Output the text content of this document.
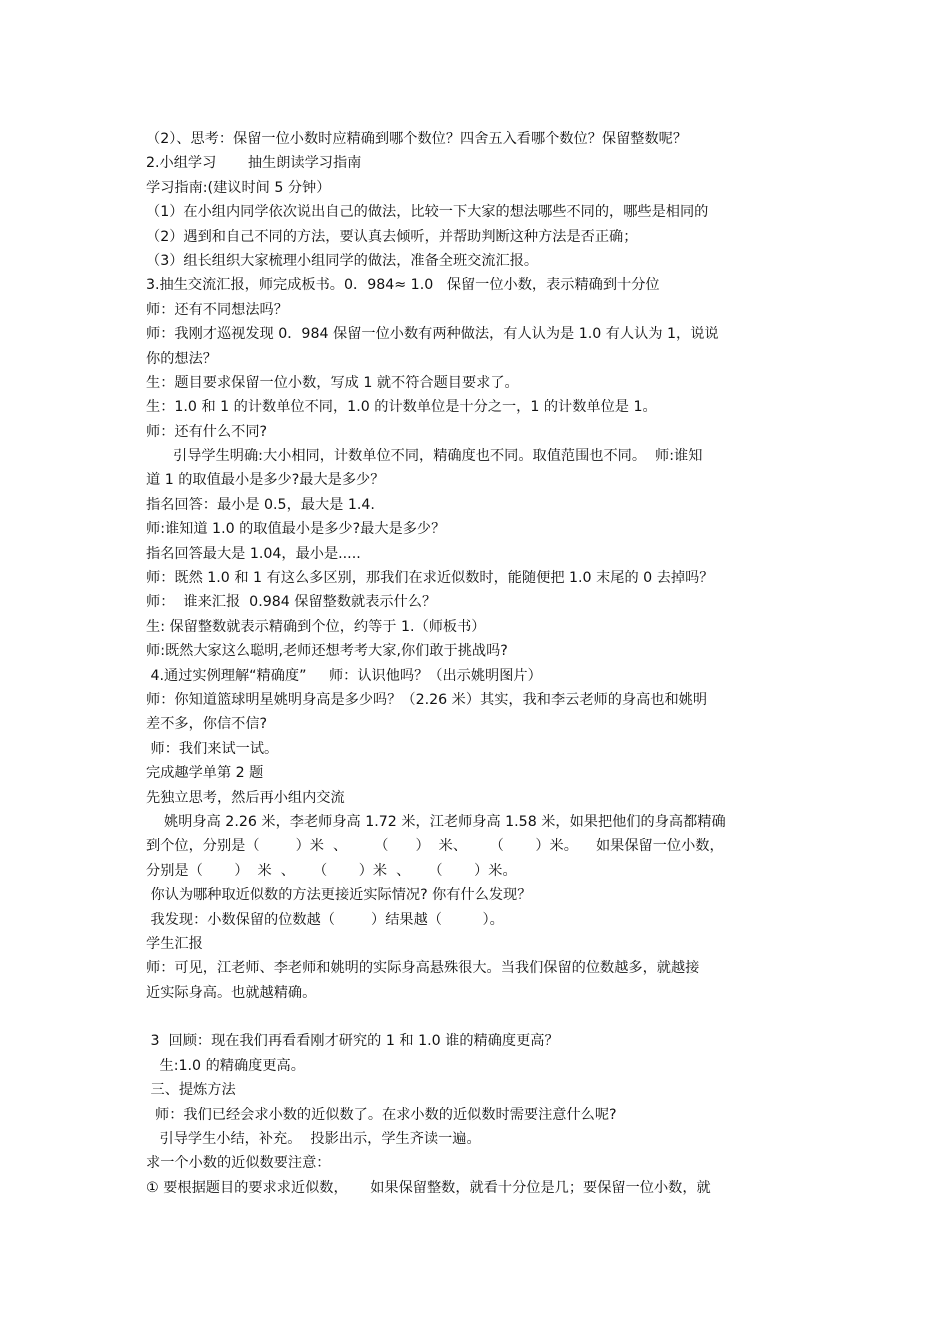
（2）、思考：保留一位小数时应精确到哪个数位？四舍五入看哪个数位？保留整数呢？
2.小组学习       抽生朗读学习指南
学习指南:(建议时间 5 分钟）
（1）在小组内同学依次说出自己的做法，比较一下大家的想法哪些不同的，哪些是相同的
（2）遇到和自己不同的方法，要认真去倾听，并帮助判断这种方法是否正确；
（3）组长组织大家梳理小组同学的做法，准备全班交流汇报。
3.抽生交流汇报，师完成板书。0．984≈ 1.0   保留一位小数，表示精确到十分位
师：还有不同想法吗？
师：我刚才巡视发现 0．984 保留一位小数有两种做法，有人认为是 1.0 有人认为 1，说说
你的想法？
生：题目要求保留一位小数，写成 1 就不符合题目要求了。
生：1.0 和 1 的计数单位不同，1.0 的计数单位是十分之一，1 的计数单位是 1。
师：还有什么不同?
引导学生明确:大小相同，计数单位不同，精确度也不同。取值范围也不同。  师:谁知
道 1 的取值最小是多少?最大是多少？
指名回答：最小是 0.5，最大是 1.4.
师:谁知道 1.0 的取值最小是多少?最大是多少？
指名回答最大是 1.04，最小是.....
师：既然 1.0 和 1 有这么多区别，那我们在求近似数时，能随便把 1.0 末尾的 0 去掉吗？
师：  谁来汇报  0.984 保留整数就表示什么？
生: 保留整数就表示精确到个位，约等于 1.（师板书）
师:既然大家这么聪明,老师还想考考大家,你们敢于挑战吗?
4.通过实例理解“精确度”     师：认识他吗？（出示姚明图片）
师：你知道篮球明星姚明身高是多少吗？（2.26 米）其实，我和李云老师的身高也和姚明
差不多，你信不信?
师：我们来试一试。
完成趣学单第 2 题
先独立思考，然后再小组内交流
姚明身高 2.26 米，李老师身高 1.72 米，江老师身高 1.58 米，如果把他们的身高都精确
到个位，分别是（        ）米  、      （      ）  米、     （       ）米。    如果保留一位小数，
分别是（       ）  米  、    （       ）米  、    （       ）米。
你认为哪种取近似数的方法更接近实际情况? 你有什么发现？
我发现：小数保留的位数越（        ）结果越（         ）。
学生汇报
师：可见，江老师、李老师和姚明的实际身高悬殊很大。当我们保留的位数越多，就越接
近实际身高。也就越精确。
3  回顾：现在我们再看看刚才研究的 1 和 1.0 谁的精确度更高？
生:1.0 的精确度更高。
三、提炼方法
师：我们已经会求小数的近似数了。在求小数的近似数时需要注意什么呢?
引导学生小结，补充。  投影出示，学生齐读一遍。
求一个小数的近似数要注意：
① 要根据题目的要求求近似数，     如果保留整数，就看十分位是几；要保留一位小数，就
